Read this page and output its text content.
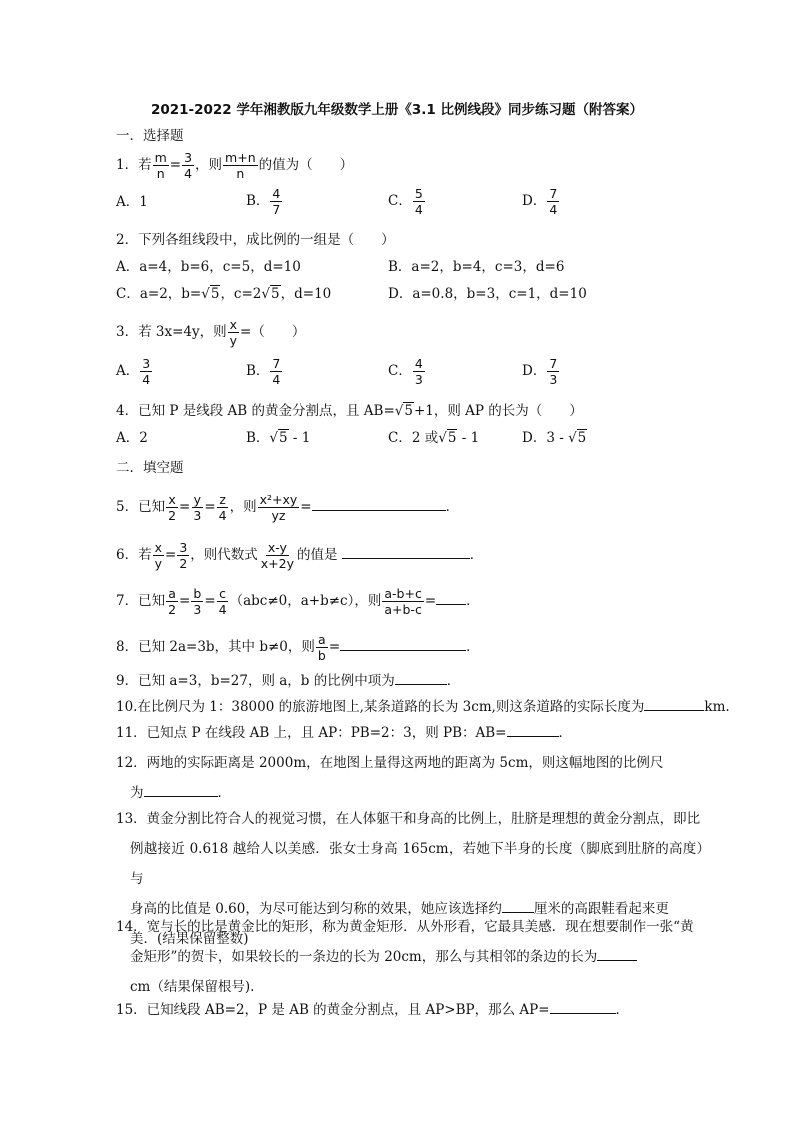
2021-2022 学年湘教版九年级数学上册《3.1 比例线段》同步练习题（附答案）
一．选择题
1．若 $\frac{m}{n} = \frac{3}{4}$ ，则 $\frac{m+n}{n}$ 的值为（　　）
A．1	B． $\frac{4}{7}$	C． $\frac{5}{4}$	D． $\frac{7}{4}$
2．下列各组线段中，成比例的一组是（　　）
A．a=4，b=6，c=5，d=10	B．a=2，b=4，c=3，d=6
C．a=2，b=√5，c=2√5，d=10	D．a=0.8，b=3，c=1，d=10
3．若 3x=4y，则 $\frac{x}{y}$ =（　　）
A． $\frac{3}{4}$	B． $\frac{7}{4}$	C． $\frac{4}{3}$	D． $\frac{7}{3}$
4．已知 P 是线段 AB 的黄金分割点，且 AB=√5+1，则 AP 的长为（　　）
A．2	B．√5 - 1	C．2 或√5 - 1	D．3 - √5
二．填空题
5．已知 $\frac{x}{2} = \frac{y}{3} = \frac{z}{4}$ ，则 $\frac{\text{x²+xy}}{yz}$ =	．
6．若 $\frac{x}{y} = \frac{3}{2}$ ，则代数式 $\frac{x-y}{x+2y}$ 的值是	．
7．已知 $\frac{a}{2} = \frac{b}{3} = \frac{c}{4} (abc\ne 0$，a+b≠c），则 $\frac{a-b+c}{a+b-c}$ = ．
8．已知 2a=3b，其中 b≠0，则 $\frac{a}{b}$ =	．
9．已知 a=3，b=27，则 a，b 的比例中项为	．
10.在比例尺为 1：38000 的旅游地图上,某条道路的长为 3cm,则这条道路的实际长度为	km.
11．已知点 P 在线段 AB 上，且 AP：PB=2：3，则 PB：AB=	．
12．两地的实际距离是 2000m，在地图上量得这两地的距离为 5cm，则这幅地图的比例尺
为	．
13．黄金分割比符合人的视觉习惯，在人体躯干和身高的比例上，肚脐是理想的黄金分割点，即比
例越接近 0.618 越给人以美感．张女士身高 165cm，若她下半身的长度（脚底到肚脐的高度）与
身高的比值是 0.60，为尽可能达到匀称的效果，她应该选择约 厘米的高跟鞋看起来更
美．(结果保留整数)
14．宽与长的比是黄金比的矩形，称为黄金矩形．从外形看，它最具美感．现在想要制作一张“黄
金矩形”的贺卡，如果较长的一条边的长为 20cm，那么与其相邻的条边的长为
cm（结果保留根号).
15．已知线段 AB=2，P 是 AB 的黄金分割点，且 AP>BP，那么 AP=	．
